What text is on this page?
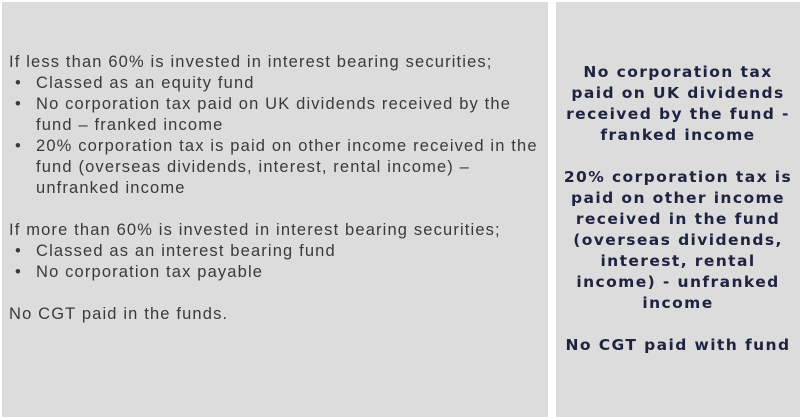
If less than 60% is invested in interest bearing securities;

• Classed as an equity fund
• No corporation tax paid on UK dividends received by the fund – franked income
• 20% corporation tax is paid on other income received in the fund (overseas dividends, interest, rental income) – unfranked income

If more than 60% is invested in interest bearing securities;

• Classed as an interest bearing fund
• No corporation tax payable

No CGT paid in the funds.

No corporation tax paid on UK dividends received by the fund - franked income

20% corporation tax is paid on other income received in the fund (overseas dividends, interest, rental income) - unfranked income

No CGT paid with fund
